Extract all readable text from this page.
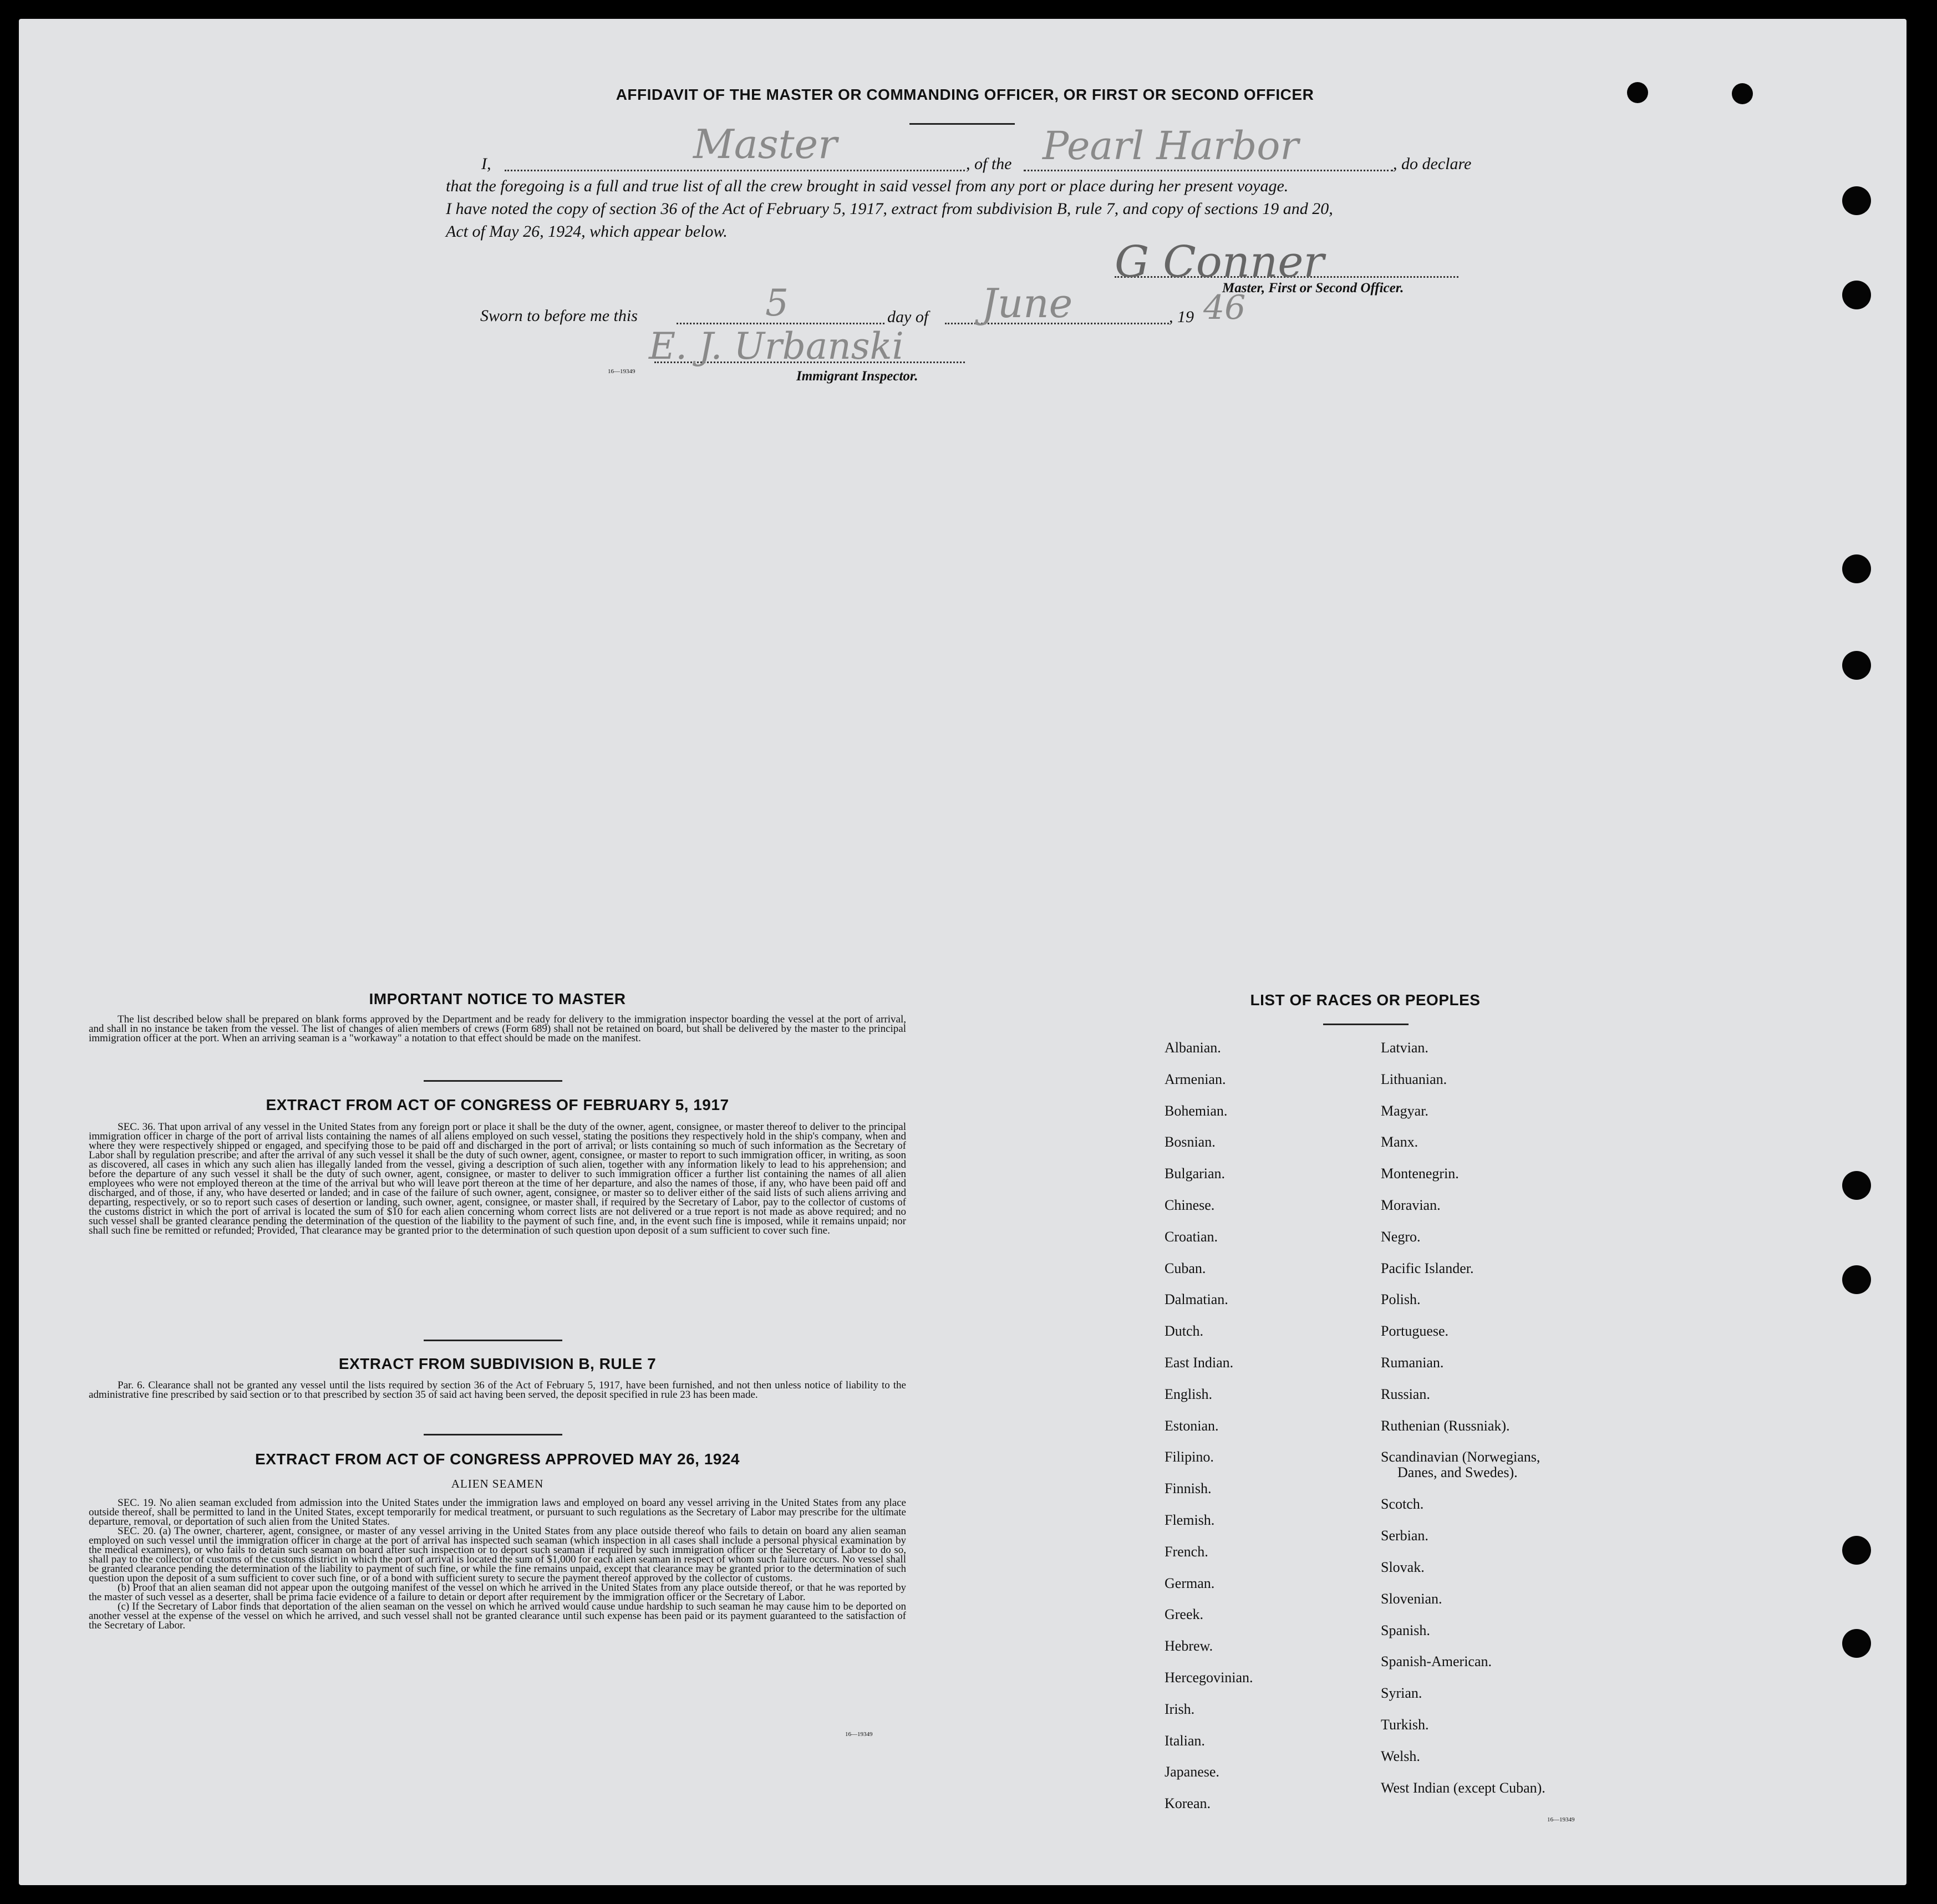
AFFIDAVIT OF THE MASTER OR COMMANDING OFFICER, OR FIRST OR SECOND OFFICER
I,	Master	, of the Pearl Harbor	, do declare
that the foregoing is a full and true list of all the crew brought in said vessel from any port or place during her present voyage.
I have noted the copy of section 36 of the Act of February 5, 1917, extract from subdivision B, rule 7, and copy of sections 19 and 20,
Act of May 26, 1924, which appear below.
G Conner
Master, First or Second Officer.
Sworn to before me this	5	day of June	, 19 46
E. J. Urbanski
16—19349	Immigrant Inspector.
IMPORTANT NOTICE TO MASTER
The list described below shall be prepared on blank forms approved by the Department and be ready for delivery to the immigration inspector boarding the vessel at the port of arrival, and shall in no instance be taken from the vessel. The list of changes of alien members of crews (Form 689) shall not be retained on board, but shall be delivered by the master to the principal immigration officer at the port. When an arriving seaman is a "workaway" a notation to that effect should be made on the manifest.
EXTRACT FROM ACT OF CONGRESS OF FEBRUARY 5, 1917
SEC. 36. That upon arrival of any vessel in the United States from any foreign port or place it shall be the duty of the owner, agent, consignee, or master thereof to deliver to the principal immigration officer in charge of the port of arrival lists containing the names of all aliens employed on such vessel, stating the positions they respectively hold in the ship's company, when and where they were respectively shipped or engaged, and specifying those to be paid off and discharged in the port of arrival; or lists containing so much of such information as the Secretary of Labor shall by regulation prescribe; and after the arrival of any such vessel it shall be the duty of such owner, agent, consignee, or master to report to such immigration officer, in writing, as soon as discovered, all cases in which any such alien has illegally landed from the vessel, giving a description of such alien, together with any information likely to lead to his apprehension; and before the departure of any such vessel it shall be the duty of such owner, agent, consignee, or master to deliver to such immigration officer a further list containing the names of all alien employees who were not employed thereon at the time of the arrival but who will leave port thereon at the time of her departure, and also the names of those, if any, who have been paid off and discharged, and of those, if any, who have deserted or landed; and in case of the failure of such owner, agent, consignee, or master so to deliver either of the said lists of such aliens arriving and departing, respectively, or so to report such cases of desertion or landing, such owner, agent, consignee, or master shall, if required by the Secretary of Labor, pay to the collector of customs of the customs district in which the port of arrival is located the sum of $10 for each alien concerning whom correct lists are not delivered or a true report is not made as above required; and no such vessel shall be granted clearance pending the determination of the question of the liability to the payment of such fine, and, in the event such fine is imposed, while it remains unpaid; nor shall such fine be remitted or refunded; Provided, That clearance may be granted prior to the determination of such question upon deposit of a sum sufficient to cover such fine.
EXTRACT FROM SUBDIVISION B, RULE 7
Par. 6. Clearance shall not be granted any vessel until the lists required by section 36 of the Act of February 5, 1917, have been furnished, and not then unless notice of liability to the administrative fine prescribed by said section or to that prescribed by section 35 of said act having been served, the deposit specified in rule 23 has been made.
EXTRACT FROM ACT OF CONGRESS APPROVED MAY 26, 1924
ALIEN SEAMEN
SEC. 19. No alien seaman excluded from admission into the United States under the immigration laws and employed on board any vessel arriving in the United States from any place outside thereof, shall be permitted to land in the United States, except temporarily for medical treatment, or pursuant to such regulations as the Secretary of Labor may prescribe for the ultimate departure, removal, or deportation of such alien from the United States.
SEC. 20. (a) The owner, charterer, agent, consignee, or master of any vessel arriving in the United States from any place outside thereof who fails to detain on board any alien seaman employed on such vessel until the immigration officer in charge at the port of arrival has inspected such seaman (which inspection in all cases shall include a personal physical examination by the medical examiners), or who fails to detain such seaman on board after such inspection or to deport such seaman if required by such immigration officer or the Secretary of Labor to do so, shall pay to the collector of customs of the customs district in which the port of arrival is located the sum of $1,000 for each alien seaman in respect of whom such failure occurs. No vessel shall be granted clearance pending the determination of the liability to payment of such fine, or while the fine remains unpaid, except that clearance may be granted prior to the determination of such question upon the deposit of a sum sufficient to cover such fine, or of a bond with sufficient surety to secure the payment thereof approved by the collector of customs.
(b) Proof that an alien seaman did not appear upon the outgoing manifest of the vessel on which he arrived in the United States from any place outside thereof, or that he was reported by the master of such vessel as a deserter, shall be prima facie evidence of a failure to detain or deport after requirement by the immigration officer or the Secretary of Labor.
(c) If the Secretary of Labor finds that deportation of the alien seaman on the vessel on which he arrived would cause undue hardship to such seaman he may cause him to be deported on another vessel at the expense of the vessel on which he arrived, and such vessel shall not be granted clearance until such expense has been paid or its payment guaranteed to the satisfaction of the Secretary of Labor.
16—19349
LIST OF RACES OR PEOPLES
Albanian.
Armenian.
Bohemian.
Bosnian.
Bulgarian.
Chinese.
Croatian.
Cuban.
Dalmatian.
Dutch.
East Indian.
English.
Estonian.
Filipino.
Finnish.
Flemish.
French.
German.
Greek.
Hebrew.
Hercegovinian.
Irish.
Italian.
Japanese.
Korean.
Latvian.
Lithuanian.
Magyar.
Manx.
Montenegrin.
Moravian.
Negro.
Pacific Islander.
Polish.
Portuguese.
Rumanian.
Russian.
Ruthenian (Russniak).
Scandinavian (Norwegians,
Danes, and Swedes).
Scotch.
Serbian.
Slovak.
Slovenian.
Spanish.
Spanish-American.
Syrian.
Turkish.
Welsh.
West Indian (except Cuban).
16—19349
